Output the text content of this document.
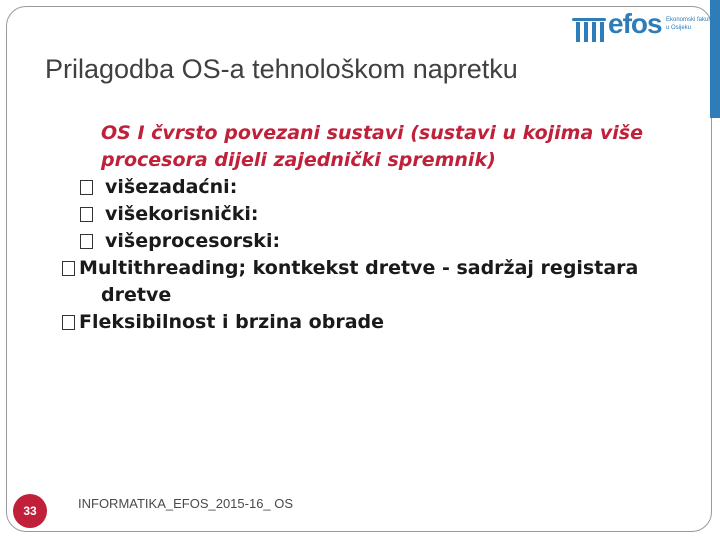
efos Ekonomski fakultet
u Osijeku
Prilagodba OS-a tehnološkom napretku
OS I čvrsto povezani sustavi (sustavi u kojima više
procesora dijeli zajednički spremnik)
višezadaćni:
višekorisnički:
višeprocesorski:
Multithreading; kontkekst dretve - sadržaj registara
dretve
Fleksibilnost i brzina obrade
33	INFORMATIKA_EFOS_2015-16_ OS
